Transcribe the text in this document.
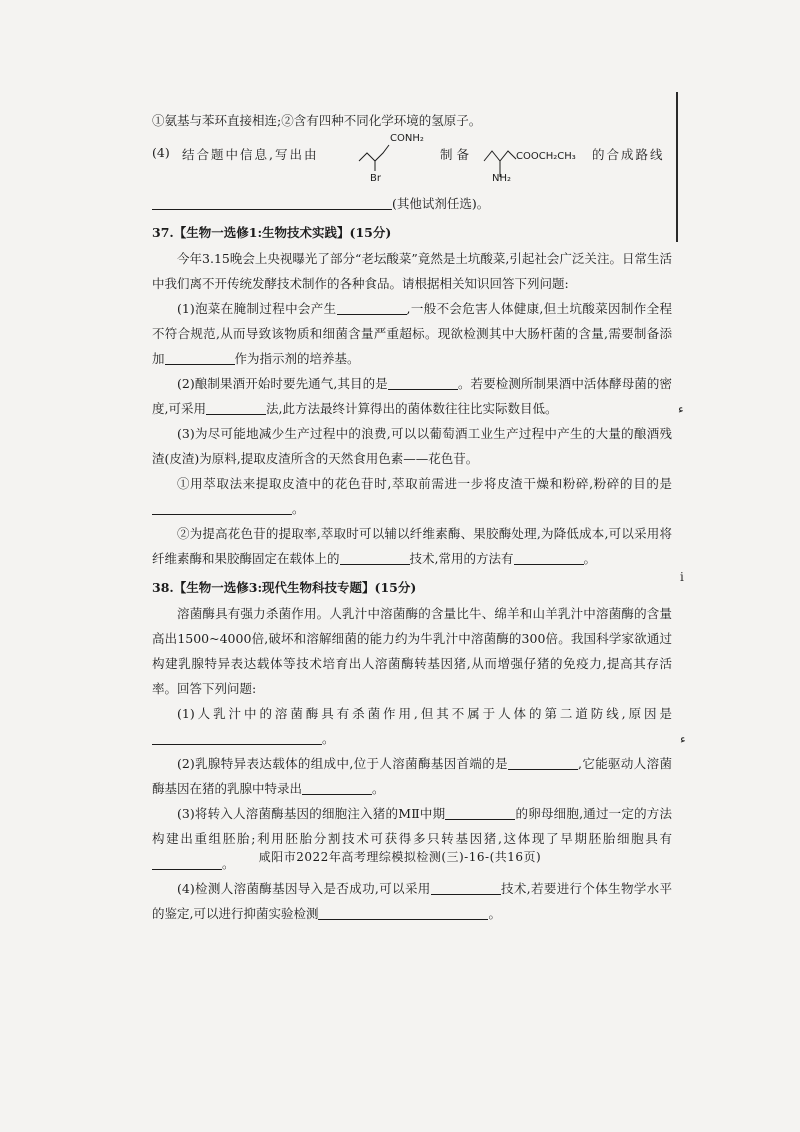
ء
ⅰ
ء

①氨基与苯环直接相连;②含有四种不同化学环境的氢原子。

(4) 结合题中信息,写出由
CONH₂
Br
制备	COOCH₂CH₃
NH₂
的合成路线

(其他试剂任选)。

37.【生物一选修1:生物技术实践】(15分)

今年3.15晚会上央视曝光了部分“老坛酸菜”竟然是土坑酸菜,引起社会广泛关注。日常生活中我们离不开传统发酵技术制作的各种食品。请根据相关知识回答下列问题:

(1)泡菜在腌制过程中会产生	,一般不会危害人体健康,但土坑酸菜因制作全程不符合规范,从而导致该物质和细菌含量严重超标。现欲检测其中大肠杆菌的含量,需要制备添加	作为指示剂的培养基。

(2)酿制果酒开始时要先通气,其目的是	。若要检测所制果酒中活体酵母菌的密度,可采用	法,此方法最终计算得出的菌体数往往比实际数目低。

(3)为尽可能地减少生产过程中的浪费,可以以葡萄酒工业生产过程中产生的大量的酿酒残渣(皮渣)为原料,提取皮渣所含的天然食用色素——花色苷。

①用萃取法来提取皮渣中的花色苷时,萃取前需进一步将皮渣干燥和粉碎,粉碎的目的是。

②为提高花色苷的提取率,萃取时可以辅以纤维素酶、果胶酶处理,为降低成本,可以采用将纤维素酶和果胶酶固定在载体上的	技术,常用的方法有	。

38.【生物一选修3:现代生物科技专题】(15分)

溶菌酶具有强力杀菌作用。人乳汁中溶菌酶的含量比牛、绵羊和山羊乳汁中溶菌酶的含量高出1500~4000倍,破坏和溶解细菌的能力约为牛乳汁中溶菌酶的300倍。我国科学家欲通过构建乳腺特异表达载体等技术培育出人溶菌酶转基因猪,从而增强仔猪的免疫力,提高其存活率。回答下列问题:

(1)人乳汁中的溶菌酶具有杀菌作用,但其不属于人体的第二道防线,原因是。

(2)乳腺特异表达载体的组成中,位于人溶菌酶基因首端的是	,它能驱动人溶菌酶基因在猪的乳腺中特录出	。

(3)将转入人溶菌酶基因的细胞注入猪的MⅡ中期	的卵母细胞,通过一定的方法构建出重组胚胎;利用胚胎分割技术可获得多只转基因猪,这体现了早期胚胎细胞具有。

(4)检测人溶菌酶基因导入是否成功,可以采用	技术,若要进行个体生物学水平的鉴定,可以进行抑菌实验检测	。

咸阳市2022年高考理综模拟检测(三)-16-(共16页)
